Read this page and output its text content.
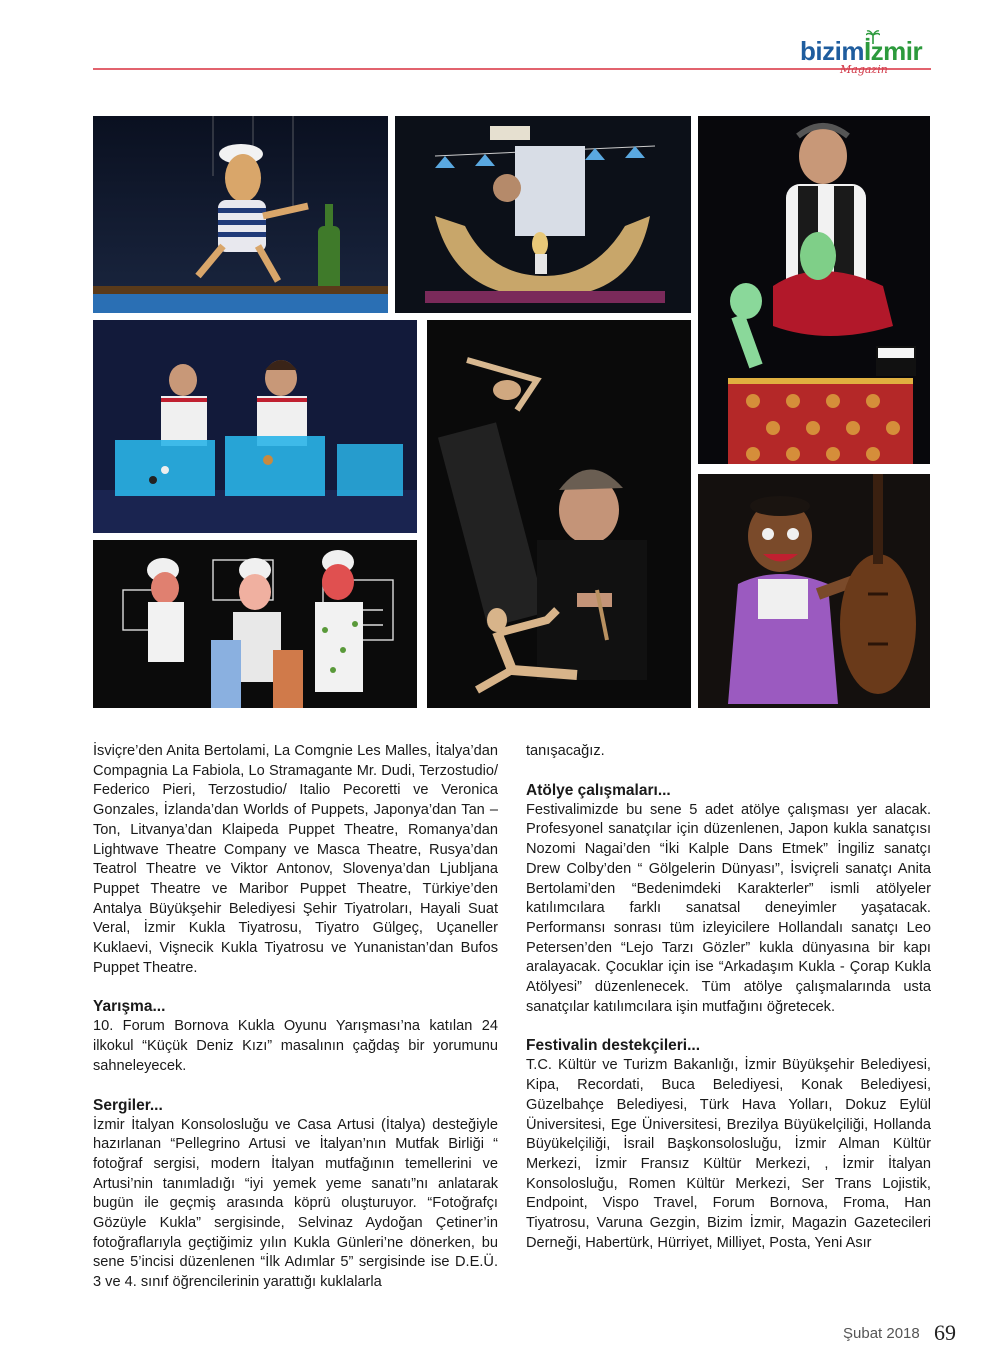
bizimİzmir
Magazin

İsviçre’den Anita Bertolami, La Comgnie Les Malles, İtalya’dan Compagnia La Fabiola, Lo Stramagante Mr. Dudi, Terzostudio/ Federico Pieri, Terzostudio/ Italio Pecoretti ve Veronica Gonzales, İzlanda’dan Worlds of Puppets, Japonya’dan Tan – Ton, Litvanya’dan Klaipeda Puppet Theatre, Romanya’dan Lightwave Theatre Company ve Masca Theatre, Rusya’dan Teatrol Theatre ve Viktor Antonov, Slovenya’dan Ljubljana Puppet Theatre ve Maribor Puppet Theatre, Türkiye’den Antalya Büyükşehir Belediyesi Şehir Tiyatroları, Hayali Suat Veral, İzmir Kukla Tiyatrosu, Tiyatro Gülgeç, Uçaneller Kuklaevi, Vişnecik Kukla Tiyatrosu ve Yunanistan’dan Bufos Puppet Theatre.

Yarışma...

10. Forum Bornova Kukla Oyunu Yarışması’na katılan 24 ilkokul “Küçük Deniz Kızı” masalının çağdaş bir yorumunu sahneleyecek.

Sergiler...

İzmir İtalyan Konsolosluğu ve Casa Artusi (İtalya) desteğiyle hazırlanan “Pellegrino Artusi ve İtalyan’nın Mutfak Birliği “ fotoğraf sergisi, modern İtalyan mutfağının temellerini ve Artusi’nin tanımladığı “iyi yemek yeme sanatı”nı anlatarak bugün ile geçmiş arasında köprü oluşturuyor. “Fotoğrafçı Gözüyle Kukla” sergisinde, Selvinaz Aydoğan Çetiner’in fotoğraflarıyla geçtiğimiz yılın Kukla Günleri’ne dönerken, bu sene 5’incisi düzenlenen “İlk Adımlar 5” sergisinde ise D.E.Ü. 3 ve 4. sınıf öğrencilerinin yarattığı kuklalarla

tanışacağız.

Atölye çalışmaları...

Festivalimizde bu sene 5 adet atölye çalışması yer alacak. Profesyonel sanatçılar için düzenlenen, Japon kukla sanatçısı Nozomi Nagai’den “İki Kalple Dans Etmek” İngiliz sanatçı Drew Colby’den “ Gölgelerin Dünyası”, İsviçreli sanatçı Anita Bertolami’den “Bedenimdeki Karakterler” ismli atölyeler katılımcılara farklı sanatsal deneyimler yaşatacak. Performansı sonrası tüm izleyicilere Hollandalı sanatçı Leo Petersen’den “Lejo Tarzı Gözler” kukla dünyasına bir kapı aralayacak. Çocuklar için ise “Arkadaşım Kukla - Çorap Kukla Atölyesi” düzenlenecek. Tüm atölye çalışmalarında usta sanatçılar katılımcılara işin mutfağını öğretecek.

Festivalin destekçileri...

T.C. Kültür ve Turizm Bakanlığı, İzmir Büyükşehir Belediyesi, Kipa, Recordati, Buca Belediyesi, Konak Belediyesi, Güzelbahçe Belediyesi, Türk Hava Yolları, Dokuz Eylül Üniversitesi, Ege Üniversitesi, Brezilya Büyükelçiliği, Hollanda Büyükelçiliği, İsrail Başkonsolosluğu, İzmir Alman Kültür Merkezi, İzmir Fransız Kültür Merkezi, , İzmir İtalyan Konsolosluğu, Romen Kültür Merkezi, Ser Trans Lojistik, Endpoint, Vispo Travel, Forum Bornova, Froma, Han Tiyatrosu, Varuna Gezgin, Bizim İzmir, Magazin Gazetecileri Derneği, Habertürk, Hürriyet, Milliyet, Posta, Yeni Asır

Şubat 2018 69
